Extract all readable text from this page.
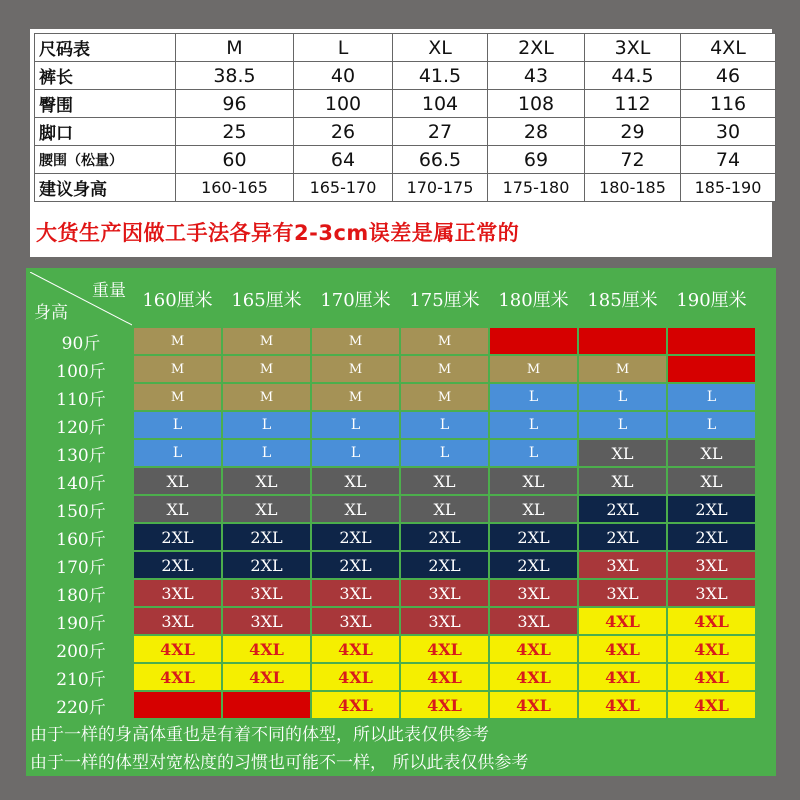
尺码表	M	L	XL	2XL	3XL	4XL
裤长	38.5	40	41.5	43	44.5	46
臀围	96	100	104	108	112	116
脚口	25	26	27	28	29	30
腰围（松量）	60	64	66.5	69	72	74
建议身高	160-165	165-170	170-175	175-180	180-185	185-190
大货生产因做工手法各异有2-3cm误差是属正常的
重量
身高	160厘米	165厘米	170厘米	175厘米	180厘米	185厘米	190厘米
90斤	M	M	M	M			
100斤	M	M	M	M	M	M	
110斤	M	M	M	M	L	L	L
120斤	L	L	L	L	L	L	L
130斤	L	L	L	L	L	XL	XL
140斤	XL	XL	XL	XL	XL	XL	XL
150斤	XL	XL	XL	XL	XL	2XL	2XL
160斤	2XL	2XL	2XL	2XL	2XL	2XL	2XL
170斤	2XL	2XL	2XL	2XL	2XL	3XL	3XL
180斤	3XL	3XL	3XL	3XL	3XL	3XL	3XL
190斤	3XL	3XL	3XL	3XL	3XL	4XL	4XL
200斤	4XL	4XL	4XL	4XL	4XL	4XL	4XL
210斤	4XL	4XL	4XL	4XL	4XL	4XL	4XL
220斤			4XL	4XL	4XL	4XL	4XL
由于一样的身高体重也是有着不同的体型，所以此表仅供参考
由于一样的体型对宽松度的习惯也可能不一样， 所以此表仅供参考
